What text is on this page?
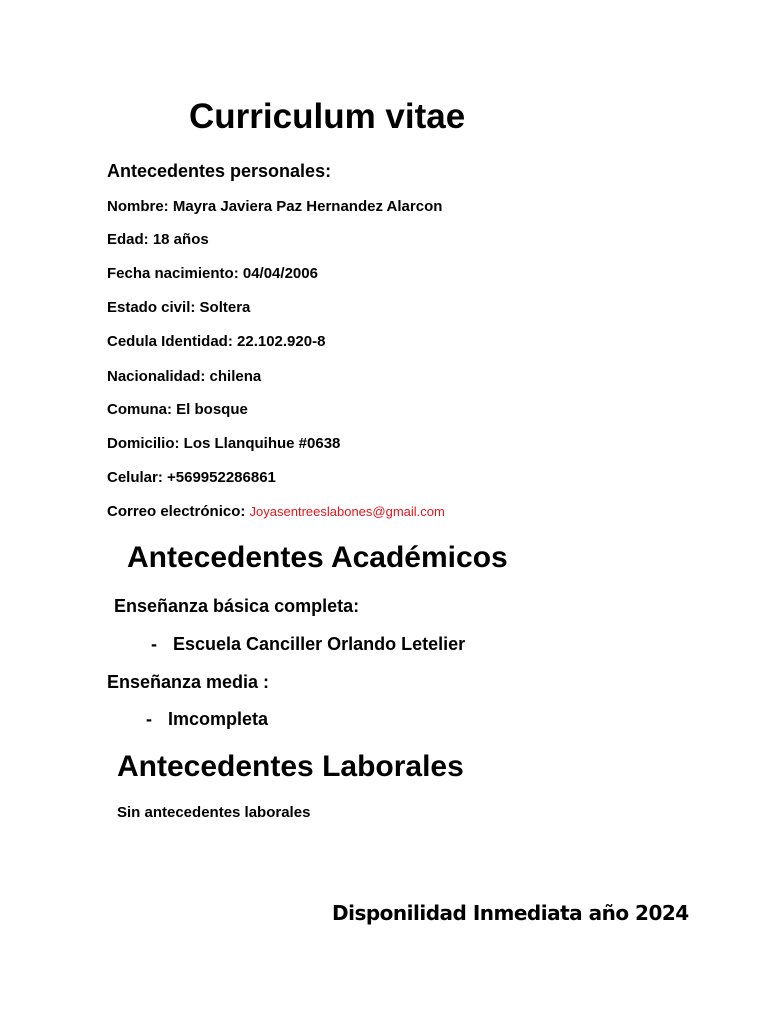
Curriculum vitae
Antecedentes personales:
Nombre: Mayra Javiera Paz Hernandez Alarcon
Edad: 18 años
Fecha nacimiento: 04/04/2006
Estado civil: Soltera
Cedula Identidad: 22.102.920-8
Nacionalidad: chilena
Comuna: El bosque
Domicilio: Los Llanquihue #0638
Celular: +569952286861
Correo electrónico: Joyasentreeslabones@gmail.com
Antecedentes Académicos
Enseñanza básica completa:
- Escuela Canciller Orlando Letelier
Enseñanza media :
- Imcompleta
Antecedentes Laborales
Sin antecedentes laborales
Disponilidad Inmediata año 2024
